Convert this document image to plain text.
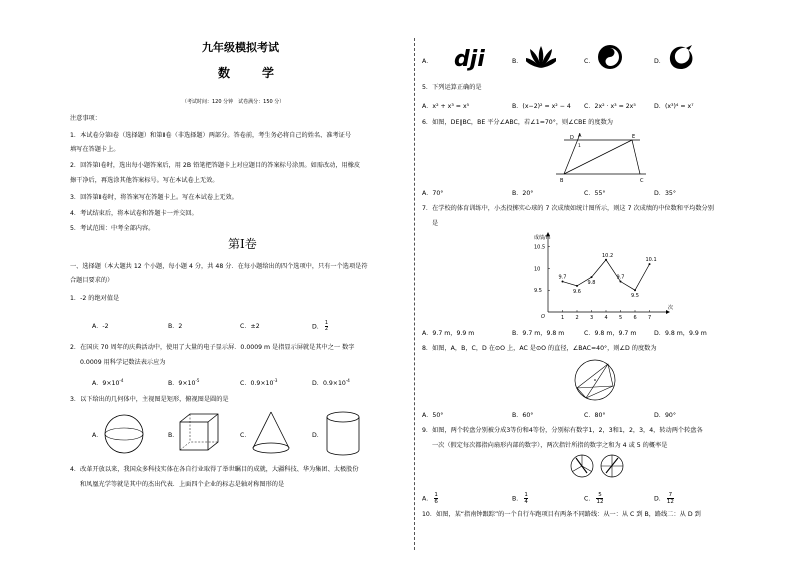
九年级模拟考试
数　学
（考试时间：120 分钟　试卷满分：150 分）
注意事项：
1．本试卷分第Ⅰ卷（选择题）和第Ⅱ卷（非选择题）两部分。答卷前，考生务必将自己的姓名、准考证号
填写在答题卡上。
2．回答第Ⅰ卷时，选出每小题答案后，用 2B 铅笔把答题卡上对应题目的答案标号涂黑。如需改动，用橡皮
擦干净后，再选涂其他答案标号。写在本试卷上无效。
3．回答第Ⅱ卷时，将答案写在答题卡上。写在本试卷上无效。
4．考试结束后，将本试卷和答题卡一并交回。
5．考试范围：中考全部内容。
第Ⅰ卷
一、选择题（本大题共 12 个小题，每小题 4 分，共 48 分．在每小题给出的四个选项中，只有一个选项是符
合题目要求的）
1．-2 的绝对值是
A．-2	B．2	C．±2	D． $\frac{1}{2}$
2．在国庆 70 周年的庆典活动中，使用了大量的电子显示屏．0.0009 m 是指显示屏就是其中之一 数字
0.0009 用科学记数法表示应为
A．$9\times 10^{-4}$	B．$9\times 10^{-5}$	C．$0.9\times 10^{-3}$	D．$0.9\times 10^{-4}$
3．以下给出的几何体中，主视图是矩形，俯视图是圆的是
A．	B．	C．	D．
4．改革开放以来，我国众多科技实体在各自行业取得了举世瞩目的成就，大疆科技、华为集团、太极股份
和凤凰光学等就是其中的杰出代表．上面四个企业的标志是轴对称图形的是
A． dji	B．	C．	D．
5．下列运算正确的是
A．x² + x³ = x⁵	B．(x−2)² = x² − 4 C．2x² · x³ = 2x⁵	D．(x³)⁴ = x⁷
6．如图，DE∥BC，BE 平分∠ABC，若∠1=70°，则∠CBE 的度数为
A
D	E
B	C
1
A．70°	B．20°	C．55°	D．35°
7．在学校的体育训练中，小杰投掷实心球的 7 次成绩如统计图所示，则这 7 次成绩的中位数和平均数分别
是
成绩/m
次
O
9.5
10
10.5
1 2 3 4 5 6 7
9.7
9.6
9.8
10.2
9.7
9.5
10.1
A．9.7 m，9.9 m	B．9.7 m，9.8 m	C．9.8 m，9.7 m	D．9.8 m，9.9 m
8．如图，A，B，C，D 在⊙O 上，AC 是⊙O 的直径，∠BAC=40°，则∠D 的度数为
A．50°	B．60°	C．80°	D．90°
9．如图，两个转盘分别被分成3等份和4等份，分别标有数字1，2，3和1，2，3，4，转动两个转盘各
一次（假定每次都指向扇形内部的数字），两次指针所指的数字之和为 4 或 5 的概率是
A． $\frac{1}{6}$	B． $\frac{1}{4}$	C． $\frac{5}{12}$	D． $\frac{7}{12}$
10．如图，某“指南钟跟踪”的一个自行车跑项目有两条不同路线：从一：从 C 到 B，路线二：从 D 到
